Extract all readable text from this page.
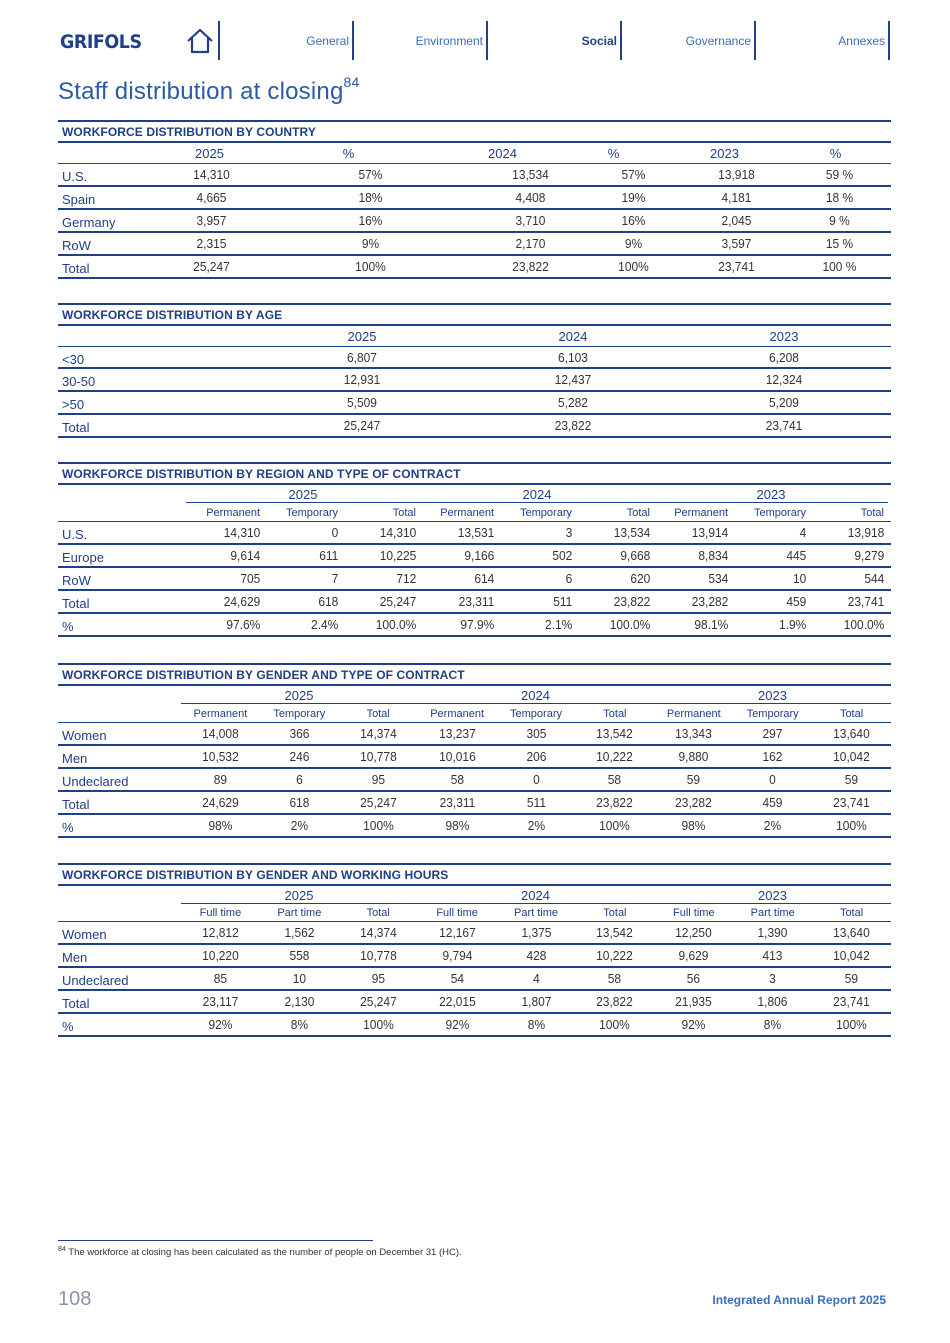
GRIFOLS	General	Environment	Social	Governance	Annexes
Staff distribution at closing$^{84}$
WORKFORCE DISTRIBUTION BY COUNTRY
2025	%	2024	%	2023	%
U.S.	14,310	57%	13,534	57%	13,918	59 %
Spain	4,665	18%	4,408	19%	4,181	18 %
Germany	3,957	16%	3,710	16%	2,045	9 %
RoW	2,315	9%	2,170	9%	3,597	15 %
Total	25,247	100%	23,822	100%	23,741	100 %
WORKFORCE DISTRIBUTION BY AGE
2025	2024	2023
<30	6,807	6,103	6,208
30-50	12,931	12,437	12,324
>50	5,509	5,282	5,209
Total	25,247	23,822	23,741
WORKFORCE DISTRIBUTION BY REGION AND TYPE OF CONTRACT
2025	2024	2023
Permanent	Temporary	Total	Permanent	Temporary	Total	Permanent	Temporary	Total
U.S.	14,310	0	14,310	13,531	3	13,534	13,914	4	13,918
Europe	9,614	611	10,225	9,166	502	9,668	8,834	445	9,279
RoW	705	7	712	614	6	620	534	10	544
Total	24,629	618	25,247	23,311	511	23,822	23,282	459	23,741
%	97.6%	2.4%	100.0%	97.9%	2.1%	100.0%	98.1%	1.9%	100.0%
WORKFORCE DISTRIBUTION BY GENDER AND TYPE OF CONTRACT
2025	2024	2023
Permanent	Temporary	Total	Permanent	Temporary	Total	Permanent	Temporary	Total
Women	14,008	366	14,374	13,237	305	13,542	13,343	297	13,640
Men	10,532	246	10,778	10,016	206	10,222	9,880	162	10,042
Undeclared	89	6	95	58	0	58	59	0	59
Total	24,629	618	25,247	23,311	511	23,822	23,282	459	23,741
%	98%	2%	100%	98%	2%	100%	98%	2%	100%
WORKFORCE DISTRIBUTION BY GENDER AND WORKING HOURS
2025	2024	2023
Full time	Part time	Total	Full time	Part time	Total	Full time	Part time	Total
Women	12,812	1,562	14,374	12,167	1,375	13,542	12,250	1,390	13,640
Men	10,220	558	10,778	9,794	428	10,222	9,629	413	10,042
Undeclared	85	10	95	54	4	58	56	3	59
Total	23,117	2,130	25,247	22,015	1,807	23,822	21,935	1,806	23,741
%	92%	8%	100%	92%	8%	100%	92%	8%	100%
$^{84}$ The workforce at closing has been calculated as the number of people on December 31 (HC).
108	Integrated Annual Report 2025
